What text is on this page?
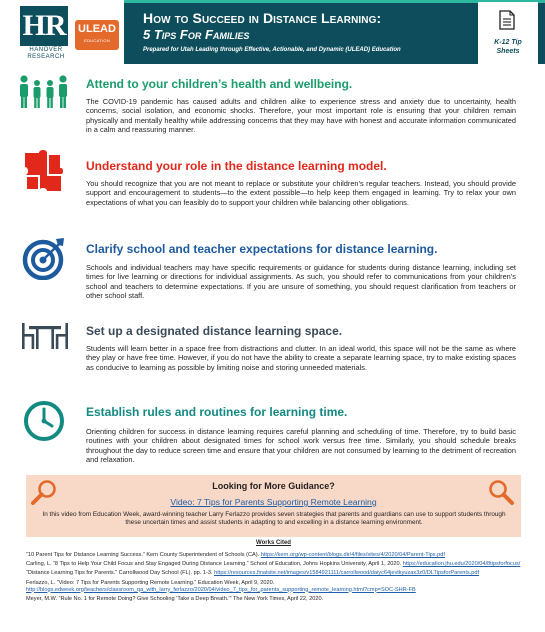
HR
HANOVER
RESEARCH
ULEAD
EDUCATION
How to Succeed in Distance Learning:
5 Tips For Families
Prepared for Utah Leading through Effective, Actionable, and Dynamic (ULEAD) Education
K-12 Tip
Sheets
Attend to your children’s health and wellbeing.
The COVID-19 pandemic has caused adults and children alike to experience stress and anxiety due to uncertainty, health concerns, social isolation, and economic shocks. Therefore, your most important role is ensuring that your children remain physically and mentally healthy while addressing concerns that they may have with honest and accurate information communicated in a calm and reassuring manner.
Understand your role in the distance learning model.
You should recognize that you are not meant to replace or substitute your children’s regular teachers. Instead, you should provide support and encouragement to students—to the extent possible—to help keep them engaged in learning. Try to relax your own expectations of what you can feasibly do to support your children while balancing other obligations.
Clarify school and teacher expectations for distance learning.
Schools and individual teachers may have specific requirements or guidance for students during distance learning, including set times for live learning or directions for individual assignments. As such, you should refer to communications from your children’s school and teachers to determine expectations. If you are unsure of something, you should request clarification from teachers or other school staff.
Set up a designated distance learning space.
Students will learn better in a space free from distractions and clutter. In an ideal world, this space will not be the same as where they play or have free time. However, if you do not have the ability to create a separate learning space, try to make existing spaces as conducive to learning as possible by limiting noise and storing unneeded materials.
Establish rules and routines for learning time.
Orienting children for success in distance learning requires careful planning and scheduling of time. Therefore, try to build basic routines with your children about designated times for school work versus free time. Similarly, you should schedule breaks throughout the day to reduce screen time and ensure that your children are not consumed by learning to the detriment of recreation and relaxation.
Looking for More Guidance?
Video: 7 Tips for Parents Supporting Remote Learning
In this video from Education Week, award-winning teacher Larry Ferlazzo provides seven strategies that parents and guardians can use to support students through these uncertain times and assist students in adapting to and excelling in a distance learning environment.
Works Cited
“10 Parent Tips for Distance Learning Success.” Kern County Superintendent of Schools (CA). https://kern.org/wp-content/blogs.dir/4/files/sites/4/2020/04/Parent-Tips.pdf
Carling, L. “8 Tips to Help Your Child Focus and Stay Engaged During Distance Learning.” School of Education, Johns Hopkins University, April 1, 2020. https://education.jhu.edu/2020/04/8tipsforfocus/
“Distance Learning Tips for Parents.” Carrollwood Day School (FL). pp. 1-3. https://resources.finalsite.net/images/v1584921111/carrollwood/daiyc64jevtkyuzax3z0/DLTipsforParents.pdf
Ferlazzo, L. “Video: 7 Tips for Parents Supporting Remote Learning.” Education Week, April 9, 2020. http://blogs.edweek.org/teachers/classroom_qa_with_larry_ferlazzo/2020/04/video_7_tips_for_parents_supporting_remote_learning.html?cmp=SOC-SHR-FB
Meyer, M.W. “Rule No. 1 for Remote Doing? Give Schooling ‘Take a Deep Breath.’” The New York Times, April 22, 2020.
